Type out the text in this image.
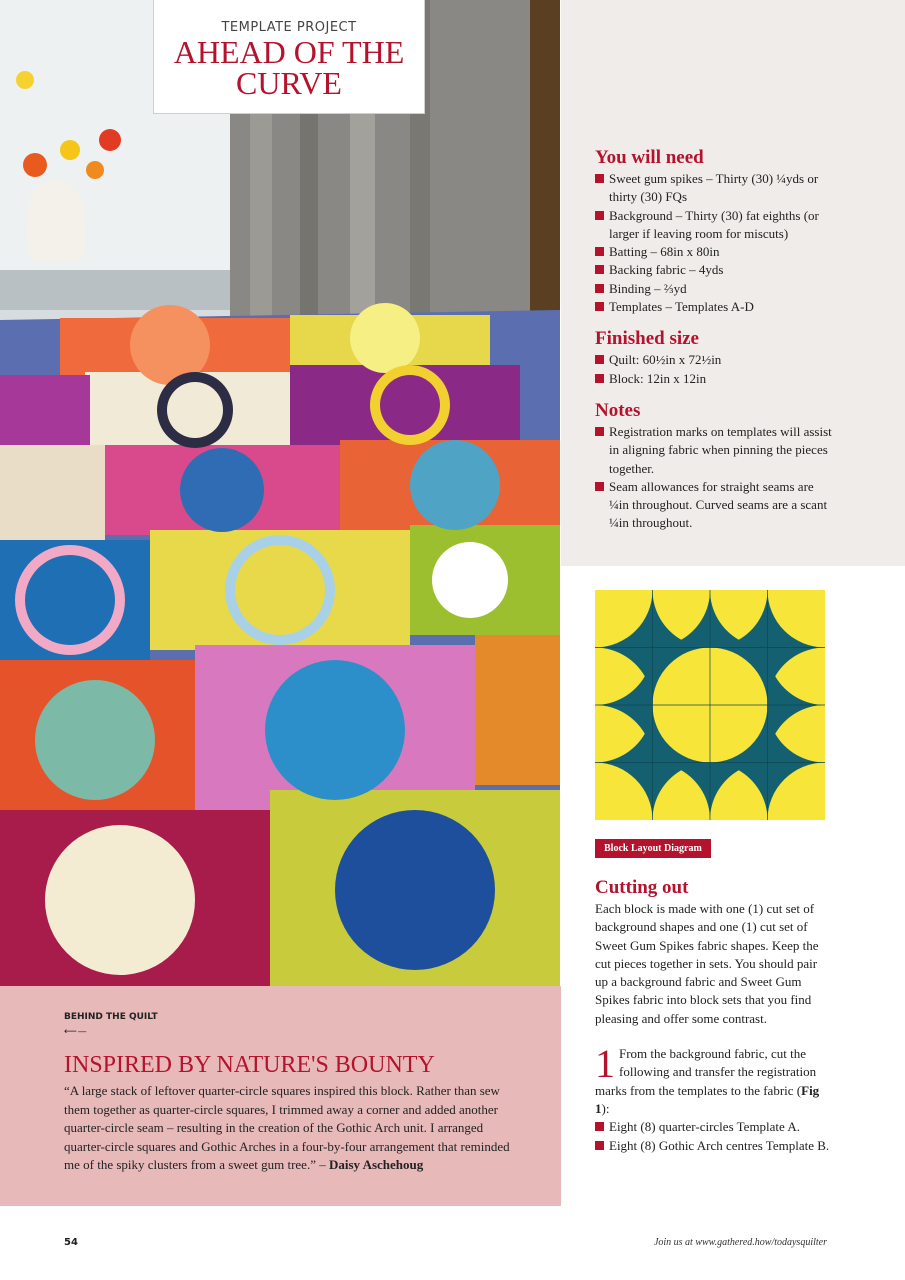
TEMPLATE PROJECT
AHEAD OF THE
CURVE
You will need
Sweet gum spikes – Thirty (30) ¼yds or thirty (30) FQs
Background – Thirty (30) fat eighths (or larger if leaving room for miscuts)
Batting – 68in x 80in
Backing fabric – 4yds
Binding – ⅔yd
Templates – Templates A-D
Finished size
Quilt: 60½in x 72½in
Block: 12in x 12in
Notes
Registration marks on templates will assist in aligning fabric when pinning the pieces together.
Seam allowances for straight seams are ¼in throughout. Curved seams are a scant ¼in throughout.
Block Layout Diagram
Cutting out

Each block is made with one (1) cut set of background shapes and one (1) cut set of Sweet Gum Spikes fabric shapes. Keep the cut pieces together in sets. You should pair up a background fabric and Sweet Gum Spikes fabric into block sets that you find pleasing and offer some contrast.

1 From the background fabric, cut the following and transfer the registration marks from the templates to the fabric (Fig 1):

Eight (8) quarter-circles Template A.
Eight (8) Gothic Arch centres Template B.
BEHIND THE QUILT
⟵ —
INSPIRED BY NATURE'S BOUNTY
“A large stack of leftover quarter-circle squares inspired this block. Rather than sew them together as quarter-circle squares, I trimmed away a corner and added another quarter-circle seam – resulting in the creation of the Gothic Arch unit. I arranged quarter-circle squares and Gothic Arches in a four-by-four arrangement that reminded me of the spiky clusters from a sweet gum tree.” – Daisy Aschehoug
54	Join us at www.gathered.how/todaysquilter
